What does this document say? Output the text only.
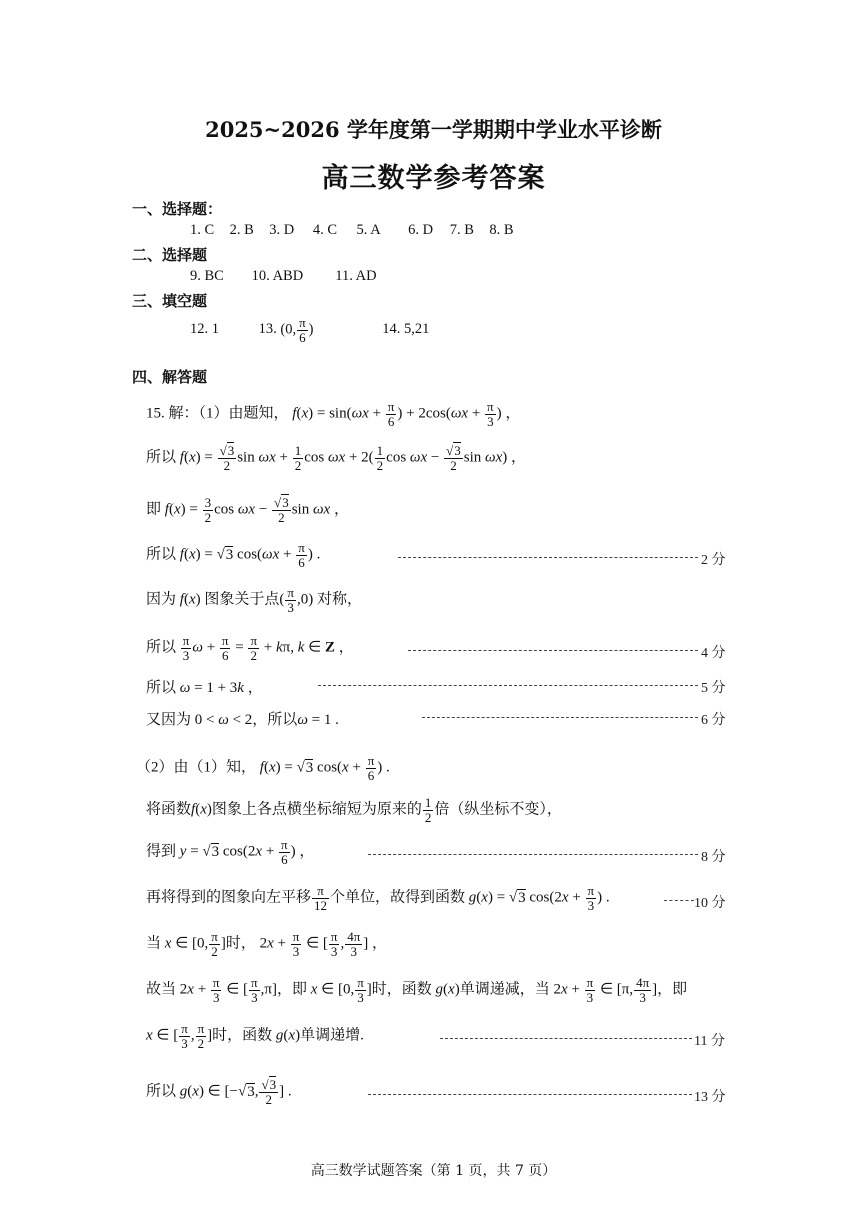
2025~2026 学年度第一学期期中学业水平诊断
高三数学参考答案
一、选择题：
1. C 2. B 3. D 4. C 5. A 6. D 7. B 8. B
二、选择题
9. BC 10. ABD 11. AD
三、填空题
12. 1	13. (0, $\frac{\pi}{6}$ )	14. 5,21
四、解答题
15. 解：（1）由题知， $f(x) = \sin(\omega x + \frac{\pi}{6}$ ) + $2\cos(\omega x + \frac{\pi}{3}$ ) ，
所以 $f(x) = \frac{√3}{2}$ $\sin \omega x + \frac{1}{2}$ $\cos \omega x + 2( \frac{1}{2}$ $\cos \omega x - \frac{√3}{2}$ sin ωx) ，
即 $f(x) = \frac{3}{2}$ $\cos \omega x - \frac{√3}{2}$ sin ωx ，
所以 f(x) = √3 $\cos(\omega x + \frac{\pi}{6}$ ) .	2 分
因为 f(x) 图象关于点( $\frac{\pi}{3} ,0$) 对称，
所以 $\frac{\pi}{3}$ $\omega + \frac{\pi}{6} = \frac{\pi}{2} + k\pi$, k ∈ Z ，	4 分
所以 ω = 1 + 3k ，	5 分
又因为 0 < ω < 2，所以ω = 1 .	6 分
（2）由（1）知， f(x) = √3 $\cos(x + \frac{\pi}{6}$ ) .
将函数f(x)图象上各点横坐标缩短为原来的 $\frac{1}{2}$ 倍（纵坐标不变），
得到 y = √3 $\cos(2x + \frac{\pi}{6}$ ) ，	8 分
再将得到的图象向左平移 $\frac{\pi}{12}$ 个单位，故得到函数 g(x) = √3 $\cos(2x + \frac{\pi}{3}$ ) .	10 分
当 x ∈ [0, $\frac{\pi}{2}$ ]时， $2x + \frac{\pi}{3}$ ∈ [ $\frac{\pi}{3}$ , $\frac{4\pi}{3}$ ] ，
故当 $2x + \frac{\pi}{3}$ ∈ [ $\frac{\pi}{3} ,\pi$]，即 x ∈ [0, $\frac{\pi}{3}$ ]时，函数 g(x)单调递减，当 $2x + \frac{\pi}{3}$ ∈ [π, $\frac{4\pi}{3}$ ]，即
x ∈ [ $\frac{\pi}{3}$ , $\frac{\pi}{2}$ ]时，函数 g(x)单调递增.	11 分
所以 g(x) ∈ [−√3, $\frac{√3}{2}$ ] .	13 分
高三数学试题答案（第 1 页，共 7 页）
